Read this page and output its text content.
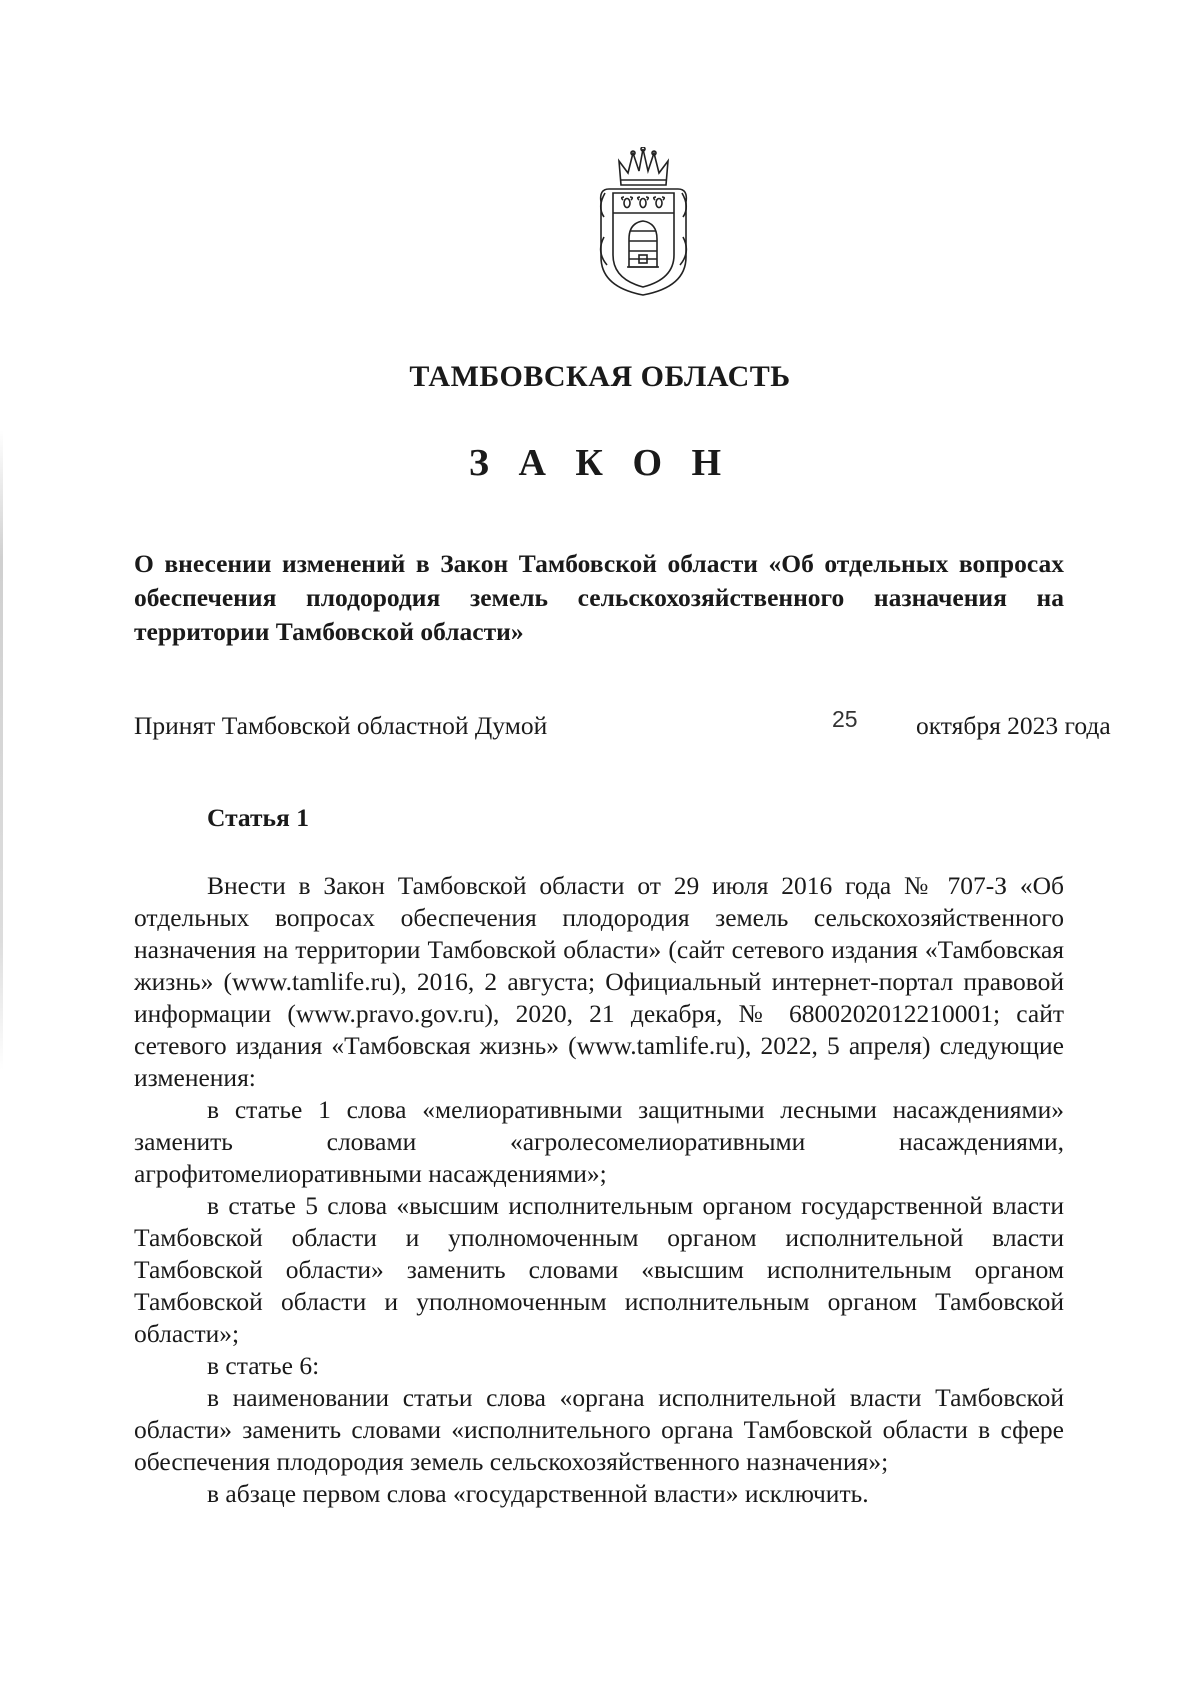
ТАМБОВСКАЯ ОБЛАСТЬ
З А К О Н

О внесении изменений в Закон Тамбовской области «Об отдельных вопросах обеспечения плодородия земель сельскохозяйственного назначения на территории Тамбовской области»

Принят Тамбовской областной Думой	25 октября 2023 года
Статья 1

Внести в Закон Тамбовской области от 29 июля 2016 года № 707-З «Об отдельных вопросах обеспечения плодородия земель сельскохозяйственного назначения на территории Тамбовской области» (сайт сетевого издания «Тамбовская жизнь» (www.tamlife.ru), 2016, 2 августа; Официальный интернет-портал правовой информации (www.pravo.gov.ru), 2020, 21 декабря, № 6800202012210001; сайт сетевого издания «Тамбовская жизнь» (www.tamlife.ru), 2022, 5 апреля) следующие изменения:

в статье 1 слова «мелиоративными защитными лесными насаждениями» заменить словами «агролесомелиоративными насаждениями, агрофитомелиоративными насаждениями»;

в статье 5 слова «высшим исполнительным органом государственной власти Тамбовской области и уполномоченным органом исполнительной власти Тамбовской области» заменить словами «высшим исполнительным органом Тамбовской области и уполномоченным исполнительным органом Тамбовской области»;

в статье 6:

в наименовании статьи слова «органа исполнительной власти Тамбовской области» заменить словами «исполнительного органа Тамбовской области в сфере обеспечения плодородия земель сельскохозяйственного назначения»;

в абзаце первом слова «государственной власти» исключить.
